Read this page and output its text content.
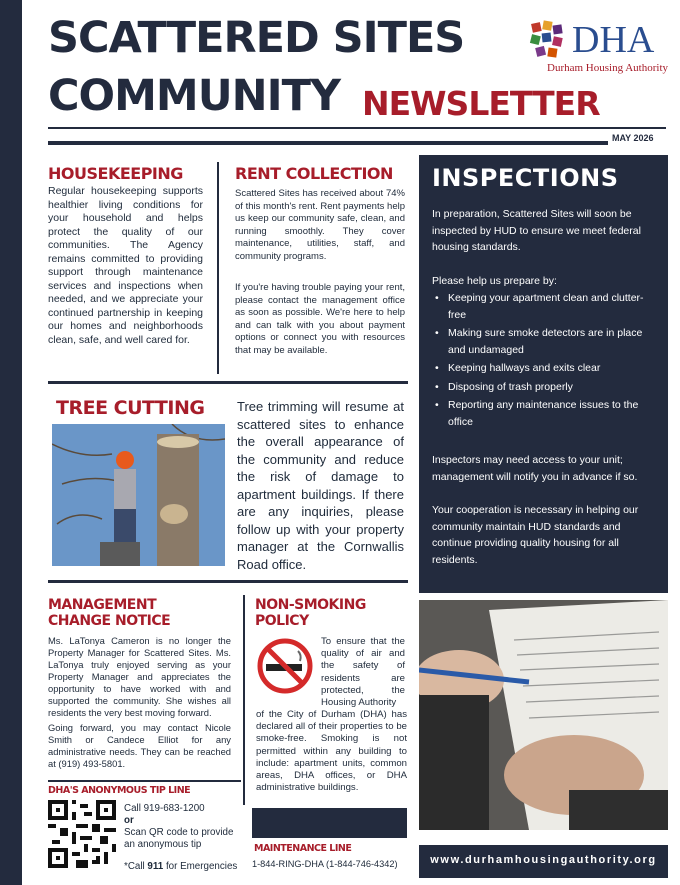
SCATTERED SITES
COMMUNITY NEWSLETTER
DHA
Durham Housing Authority
MAY 2026
HOUSEKEEPING
Regular housekeeping supports healthier living conditions for your household and helps protect the quality of our communities. The Agency remains committed to providing support through maintenance services and inspections when needed, and we appreciate your continued partnership in keeping our homes and neighborhoods clean, safe, and well cared for.
RENT COLLECTION
Scattered Sites has received about 74% of this month's rent. Rent payments help us keep our community safe, clean, and running smoothly. They cover maintenance, utilities, staff, and community programs.
If you're having trouble paying your rent, please contact the management office as soon as possible. We're here to help and can talk with you about payment options or connect you with resources that may be available.
INSPECTIONS

In preparation, Scattered Sites will soon be inspected by HUD to ensure we meet federal housing standards.

Please help us prepare by:

• Keeping your apartment clean and clutter-free
• Making sure smoke detectors are in place and undamaged
• Keeping hallways and exits clear
• Disposing of trash properly
• Reporting any maintenance issues to the office

Inspectors may need access to your unit; management will notify you in advance if so.

Your cooperation is necessary in helping our community maintain HUD standards and continue providing quality housing for all residents.

TREE CUTTING	Tree trimming will resume at scattered sites to enhance the overall appearance of the community and reduce the risk of damage to apartment buildings. If there are any inquiries, please follow up with your property manager at the Cornwallis Road office.
MANAGEMENT
CHANGE NOTICE
Ms. LaTonya Cameron is no longer the Property Manager for Scattered Sites. Ms. LaTonya truly enjoyed serving as your Property Manager and appreciates the opportunity to have worked with and supported the community. She wishes all residents the very best moving forward.
Going forward, you may contact Nicole Smith or Candece Elliot for any administrative needs. They can be reached at (919) 493-5801.
NON-SMOKING
POLICY
To ensure that the quality of air and the safety of residents are protected, the Housing Authority
of the City of Durham (DHA) has declared all of their properties to be smoke-free. Smoking is not permitted within any building to include: apartment units, common areas, DHA offices, or DHA administrative buildings.
DHA'S ANONYMOUS TIP LINE
Call 919-683-1200
or
Scan QR code to provide an anonymous tip
*Call 911 for Emergencies
MAINTENANCE LINE
1-844-RING-DHA (1-844-746-4342)	www.durhamhousingauthority.org
